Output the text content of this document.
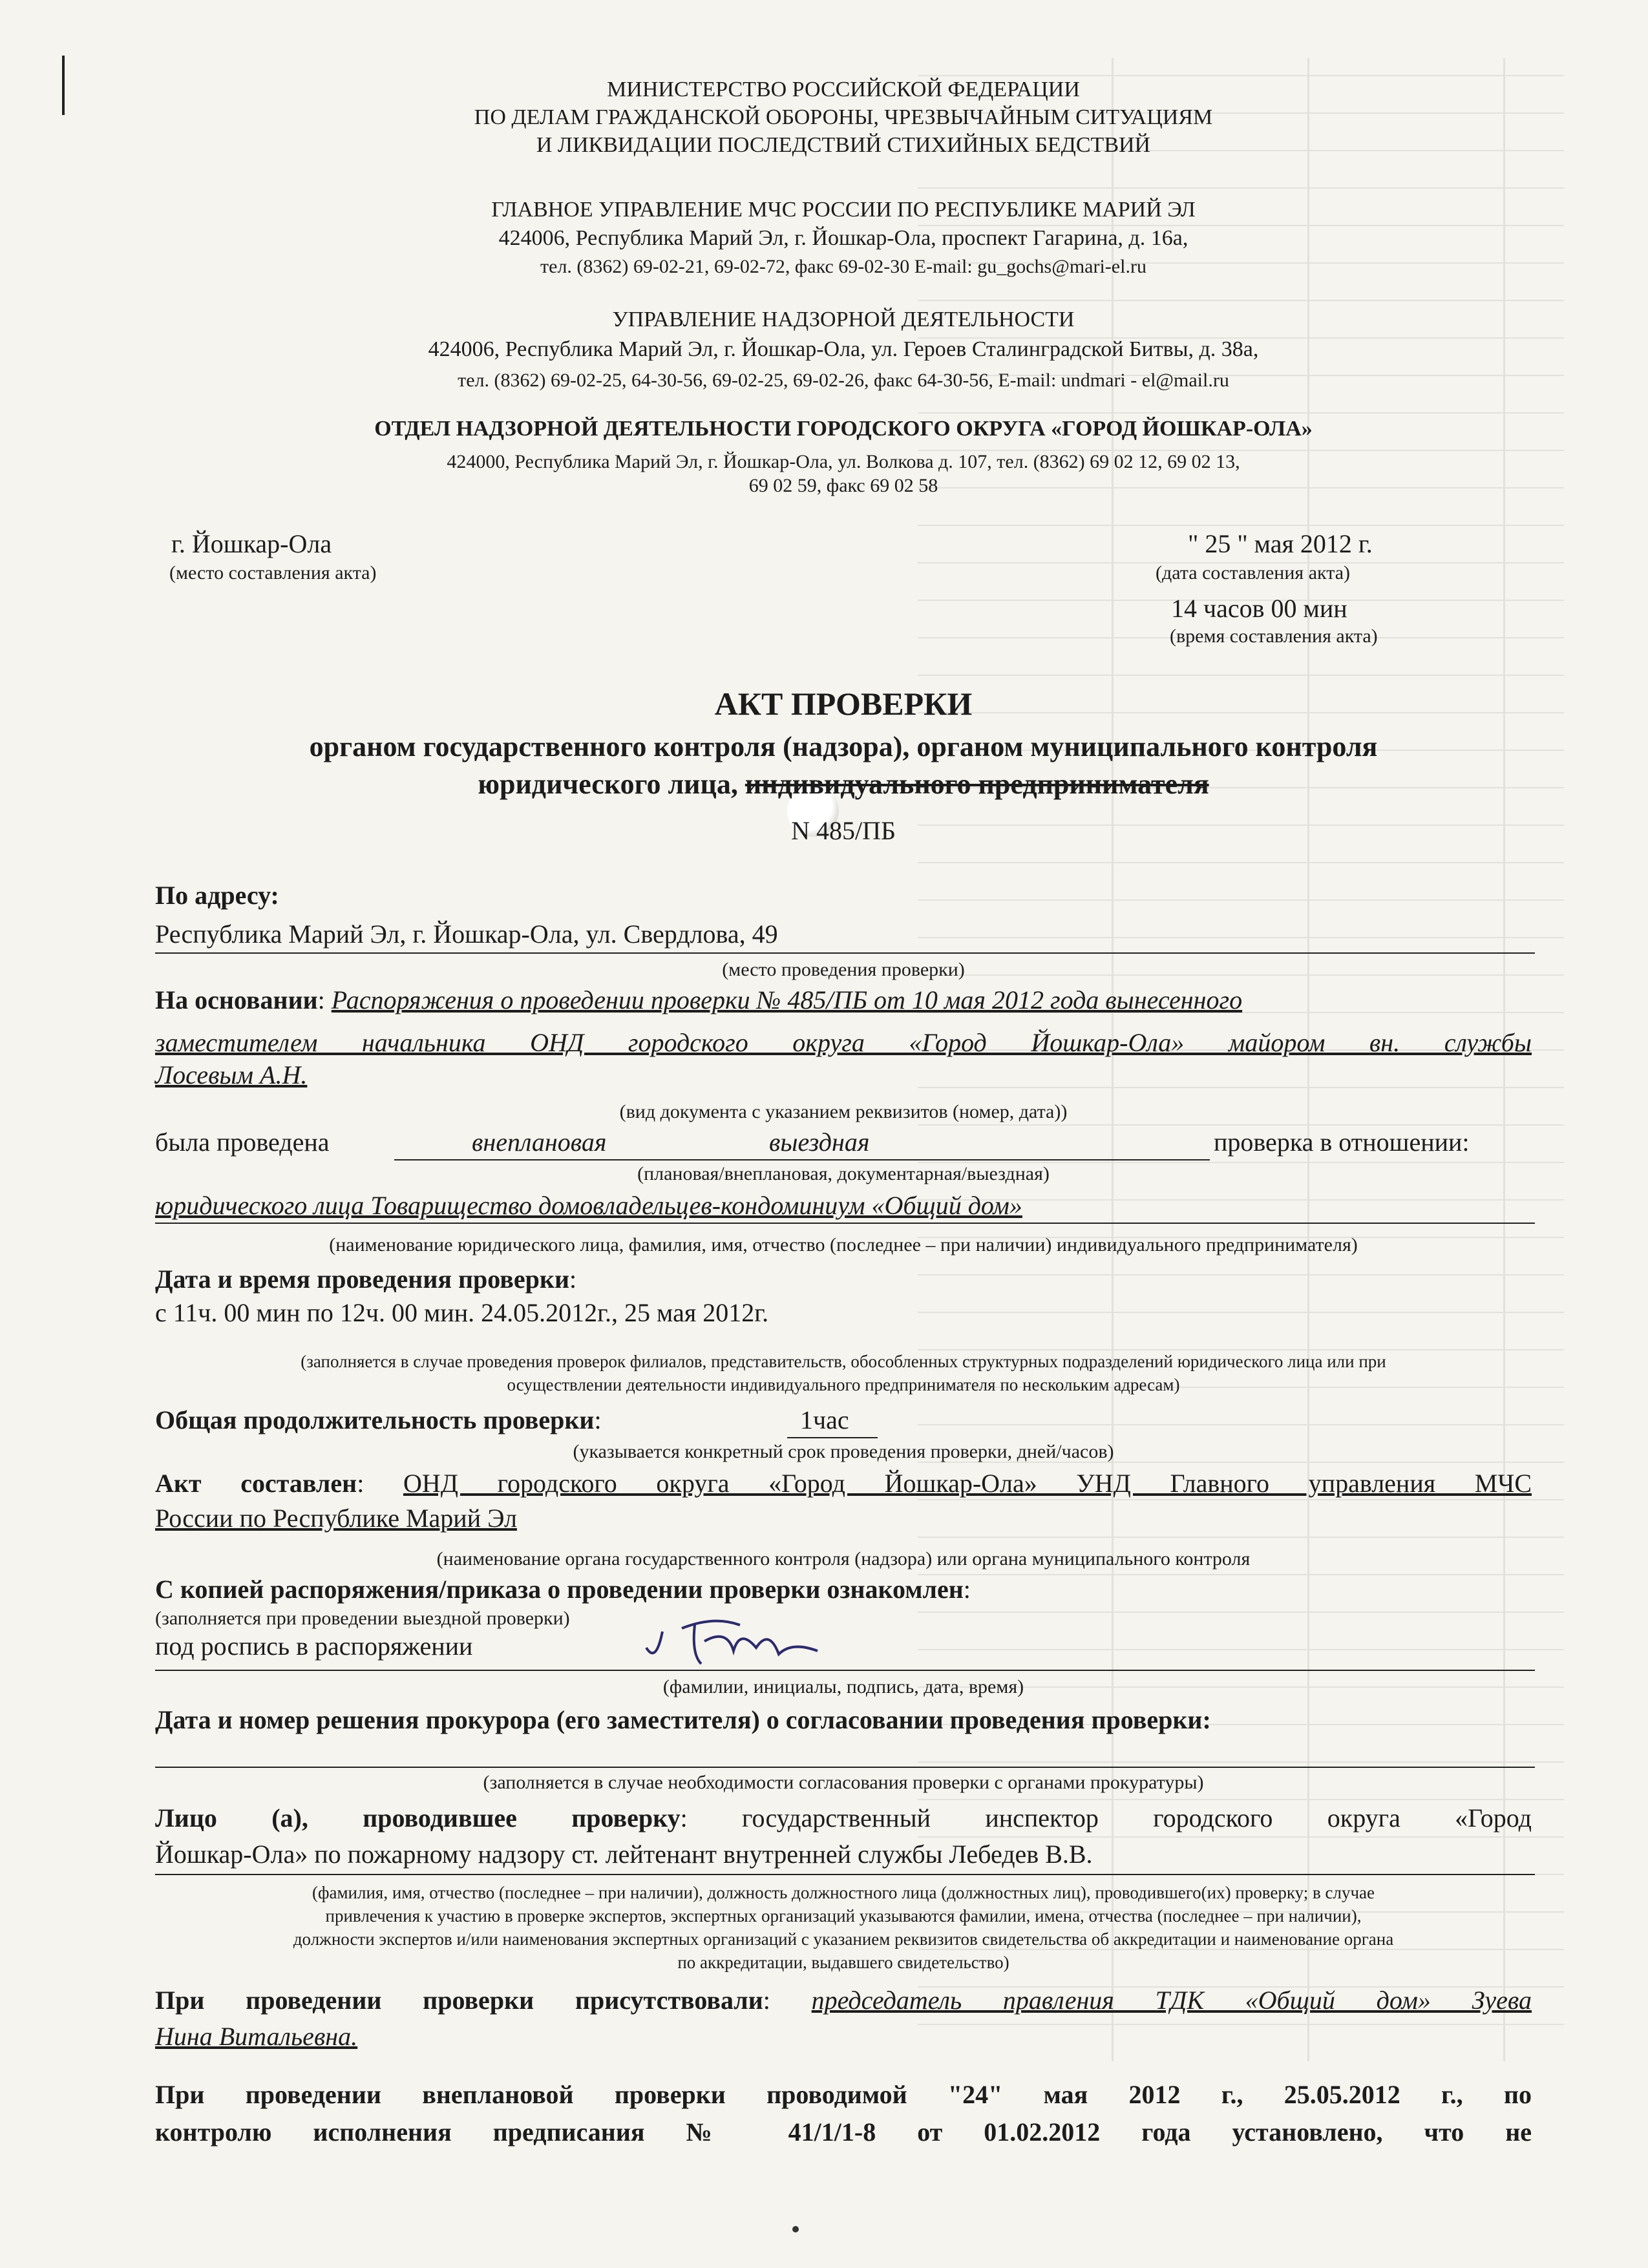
МИНИСТЕРСТВО РОССИЙСКОЙ ФЕДЕРАЦИИ
ПО ДЕЛАМ ГРАЖДАНСКОЙ ОБОРОНЫ, ЧРЕЗВЫЧАЙНЫМ СИТУАЦИЯМ
И ЛИКВИДАЦИИ ПОСЛЕДСТВИЙ СТИХИЙНЫХ БЕДСТВИЙ
ГЛАВНОЕ УПРАВЛЕНИЕ МЧС РОССИИ ПО РЕСПУБЛИКЕ МАРИЙ ЭЛ
424006, Республика Марий Эл, г. Йошкар-Ола, проспект Гагарина, д. 16а,
тел. (8362) 69-02-21, 69-02-72, факс 69-02-30 E-mail: gu_gochs@mari-el.ru
УПРАВЛЕНИЕ НАДЗОРНОЙ ДЕЯТЕЛЬНОСТИ
424006, Республика Марий Эл, г. Йошкар-Ола, ул. Героев Сталинградской Битвы, д. 38а,
тел. (8362) 69-02-25, 64-30-56, 69-02-25, 69-02-26, факс 64-30-56, E-mail: undmari - el@mail.ru
ОТДЕЛ НАДЗОРНОЙ ДЕЯТЕЛЬНОСТИ ГОРОДСКОГО ОКРУГА «ГОРОД ЙОШКАР-ОЛА»
424000, Республика Марий Эл, г. Йошкар-Ола, ул. Волкова д. 107, тел. (8362) 69 02 12, 69 02 13,
69 02 59, факс 69 02 58
г. Йошкар-Ола
(место составления акта)
" 25 " мая 2012 г.
(дата составления акта)
14 часов 00 мин
(время составления акта)
АКТ ПРОВЕРКИ
органом государственного контроля (надзора), органом муниципального контроля
юридического лица, индивидуального предпринимателя
N 485/ПБ
По адресу:
Республика Марий Эл, г. Йошкар-Ола, ул. Свердлова, 49
(место проведения проверки)
На основании: Распоряжения о проведении проверки № 485/ПБ от 10 мая 2012 года вынесенного
заместителем начальника ОНД городского округа «Город Йошкар-Ола» майором вн. службы
Лосевым А.Н.
(вид документа с указанием реквизитов (номер, дата))
была проведена	внеплановая	выездная	проверка в отношении:
(плановая/внеплановая, документарная/выездная)
юридического лица Товарищество домовладельцев-кондоминиум «Общий дом»
(наименование юридического лица, фамилия, имя, отчество (последнее – при наличии) индивидуального предпринимателя)
Дата и время проведения проверки:
с 11ч. 00 мин по 12ч. 00 мин. 24.05.2012г., 25 мая 2012г.
(заполняется в случае проведения проверок филиалов, представительств, обособленных структурных подразделений юридического лица или при
осуществлении деятельности индивидуального предпринимателя по нескольким адресам)
Общая продолжительность проверки:	1час
(указывается конкретный срок проведения проверки, дней/часов)
Акт составлен: ОНД городского округа «Город Йошкар-Ола» УНД Главного управления МЧС
России по Республике Марий Эл
(наименование органа государственного контроля (надзора) или органа муниципального контроля
С копией распоряжения/приказа о проведении проверки ознакомлен:
(заполняется при проведении выездной проверки)
под роспись в распоряжении
(фамилии, инициалы, подпись, дата, время)
Дата и номер решения прокурора (его заместителя) о согласовании проведения проверки:
(заполняется в случае необходимости согласования проверки с органами прокуратуры)
Лицо (а), проводившее проверку: государственный инспектор городского округа «Город
Йошкар-Ола» по пожарному надзору ст. лейтенант внутренней службы Лебедев В.В.
(фамилия, имя, отчество (последнее – при наличии), должность должностного лица (должностных лиц), проводившего(их) проверку; в случае
привлечения к участию в проверке экспертов, экспертных организаций указываются фамилии, имена, отчества (последнее – при наличии),
должности экспертов и/или наименования экспертных организаций с указанием реквизитов свидетельства об аккредитации и наименование органа
по аккредитации, выдавшего свидетельство)
При проведении проверки присутствовали: председатель правления ТДК «Общий дом» Зуева
Нина Витальевна.
При проведении внеплановой проверки проводимой "24" мая 2012 г., 25.05.2012 г., по
контролю исполнения предписания № 41/1/1-8 от 01.02.2012 года установлено, что не
